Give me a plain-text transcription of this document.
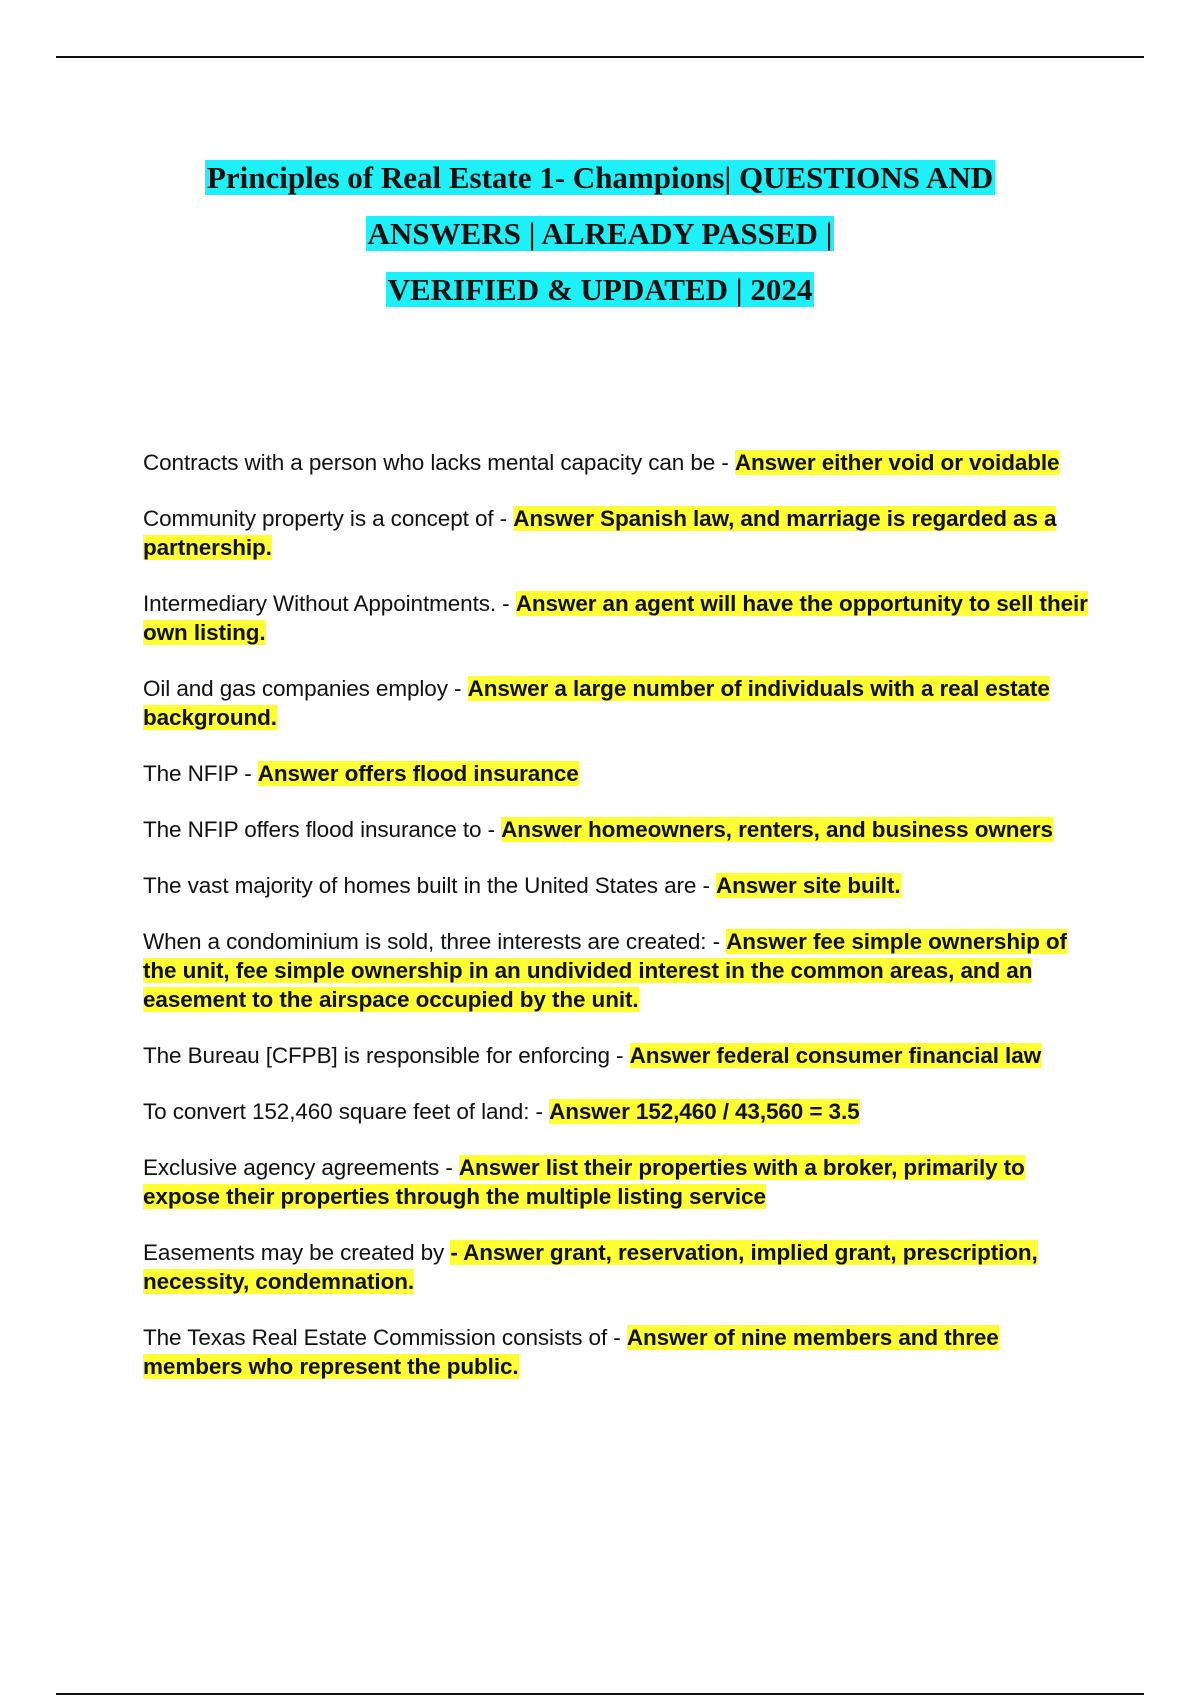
Principles of Real Estate 1- Champions| QUESTIONS AND
ANSWERS | ALREADY PASSED |
VERIFIED & UPDATED | 2024

Contracts with a person who lacks mental capacity can be - Answer either void or voidable

Community property is a concept of - Answer Spanish law, and marriage is regarded as a partnership.

Intermediary Without Appointments. - Answer an agent will have the opportunity to sell their own listing.

Oil and gas companies employ - Answer a large number of individuals with a real estate background.

The NFIP - Answer offers flood insurance

The NFIP offers flood insurance to - Answer homeowners, renters, and business owners

The vast majority of homes built in the United States are - Answer site built.

When a condominium is sold, three interests are created: - Answer fee simple ownership of the unit, fee simple ownership in an undivided interest in the common areas, and an easement to the airspace occupied by the unit.

The Bureau [CFPB] is responsible for enforcing - Answer federal consumer financial law

To convert 152,460 square feet of land: - Answer 152,460 / 43,560 = 3.5

Exclusive agency agreements - Answer list their properties with a broker, primarily to expose their properties through the multiple listing service

Easements may be created by - Answer grant, reservation, implied grant, prescription, necessity, condemnation.

The Texas Real Estate Commission consists of - Answer of nine members and three members who represent the public.
